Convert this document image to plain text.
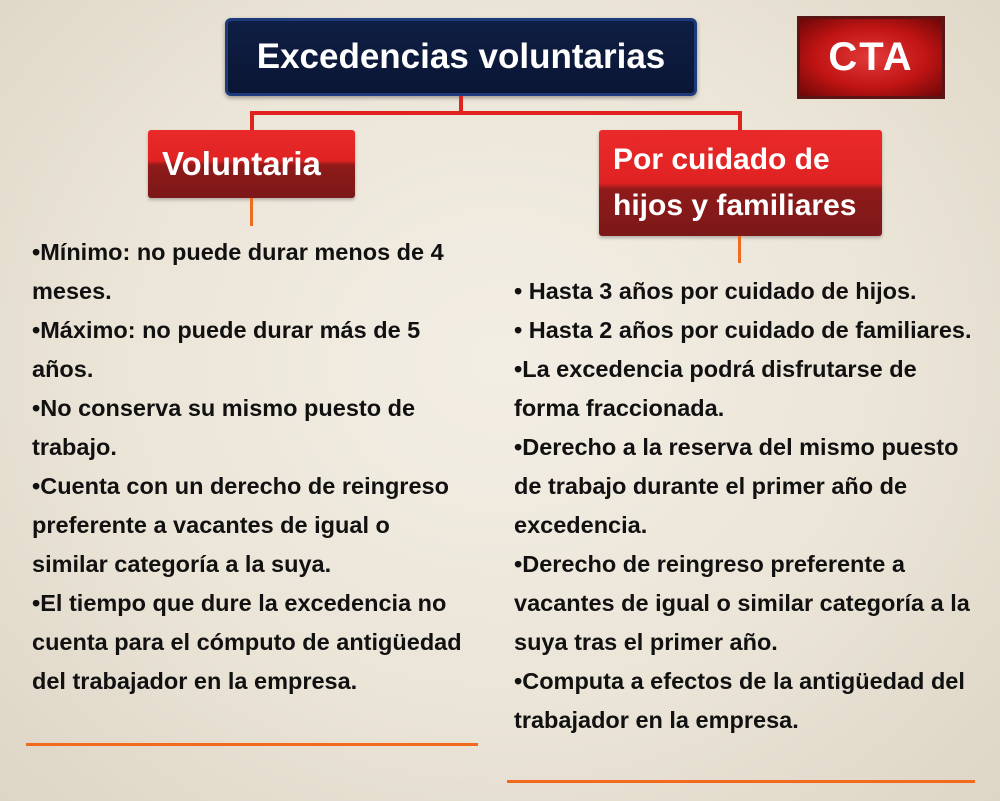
Excedencias voluntarias	CTA
Voluntaria	Por cuidado de
hijos y familiares
•Mínimo: no puede durar menos de 4 meses.
•Máximo: no puede durar más de 5 años.
•No conserva su mismo puesto de trabajo.
•Cuenta con un derecho de reingreso preferente a vacantes de igual o similar categoría a la suya.
•El tiempo que dure la excedencia no cuenta para el cómputo de antigüedad del trabajador en la empresa.
• Hasta 3 años por cuidado de hijos.
• Hasta 2 años por cuidado de familiares.
•La excedencia podrá disfrutarse de forma fraccionada.
•Derecho a la reserva del mismo puesto de trabajo durante el primer año de excedencia.
•Derecho de reingreso preferente a vacantes de igual o similar categoría a la suya tras el primer año.
•Computa a efectos de la antigüedad del trabajador en la empresa.
